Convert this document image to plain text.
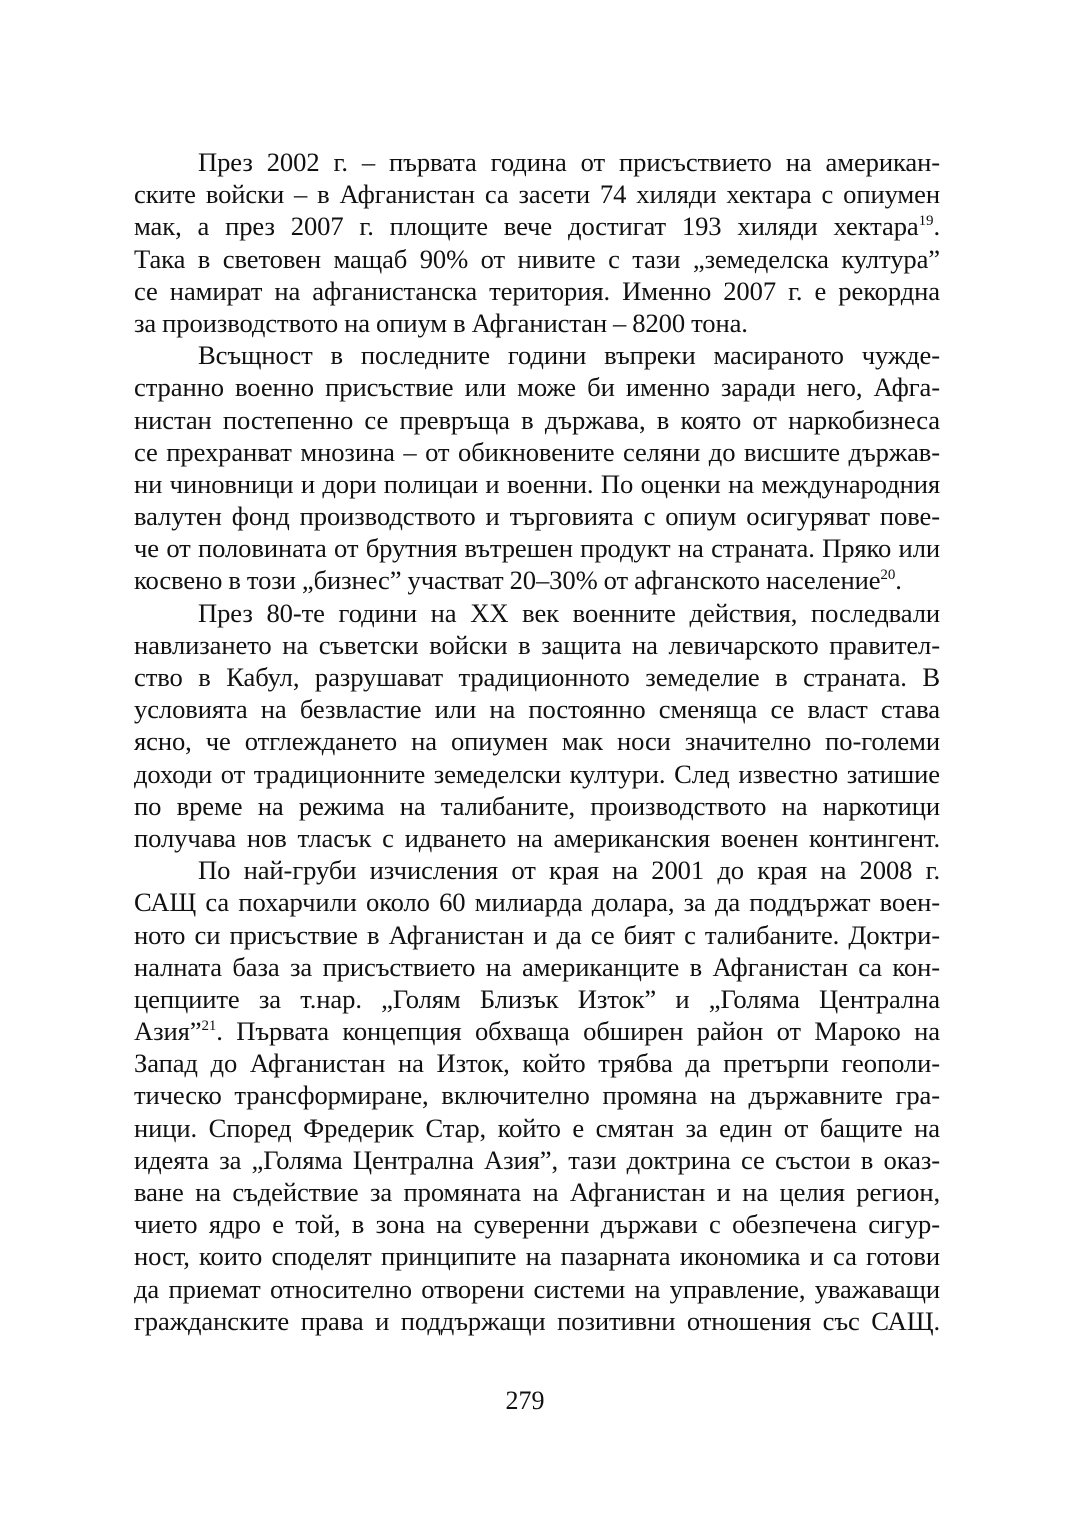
През 2002 г. – първата година от присъствието на американ-
ските войски – в Афганистан са засети 74 хиляди хектара с опиумен
мак, а през 2007 г. площите вече достигат 193 хиляди хектара$^{19}$.
Така в световен мащаб 90% от нивите с тази „земеделска култура”
се намират на афганистанска територия. Именно 2007 г. е рекордна
за производството на опиум в Афганистан – 8200 тона.

Всъщност в последните години въпреки масираното чужде-
странно военно присъствие или може би именно заради него, Афга-
нистан постепенно се превръща в държава, в която от наркобизнеса
се прехранват мнозина – от обикновените селяни до висшите държав-
ни чиновници и дори полицаи и военни. По оценки на международния
валутен фонд производството и търговията с опиум осигуряват пове-
че от половината от брутния вътрешен продукт на страната. Пряко или
косвено в този „бизнес” участват 20–30% от афганското население$^{20}$.

През 80-те години на XX век военните действия, последвали
навлизането на съветски войски в защита на левичарското правител-
ство в Кабул, разрушават традиционното земеделие в страната. В
условията на безвластие или на постоянно сменяща се власт става
ясно, че отглеждането на опиумен мак носи значително по-големи
доходи от традиционните земеделски култури. След известно затишие
по време на режима на талибаните, производството на наркотици
получава нов тласък с идването на американския военен контингент.

По най-груби изчисления от края на 2001 до края на 2008 г.
САЩ са похарчили около 60 милиарда долара, за да поддържат воен-
ното си присъствие в Афганистан и да се бият с талибаните. Доктри-
налната база за присъствието на американците в Афганистан са кон-
цепциите за т.нар. „Голям Близък Изток” и „Голяма Централна
Азия”$^{21}$. Първата концепция обхваща обширен район от Мароко на
Запад до Афганистан на Изток, който трябва да претърпи геополи-
тическо трансформиране, включително промяна на държавните гра-
ници. Според Фредерик Стар, който е смятан за един от бащите на
идеята за „Голяма Централна Азия”, тази доктрина се състои в оказ-
ване на съдействие за промяната на Афганистан и на целия регион,
чието ядро е той, в зона на суверенни държави с обезпечена сигур-
ност, които споделят принципите на пазарната икономика и са готови
да приемат относително отворени системи на управление, уважаващи
гражданските права и поддържащи позитивни отношения със САЩ.

279
